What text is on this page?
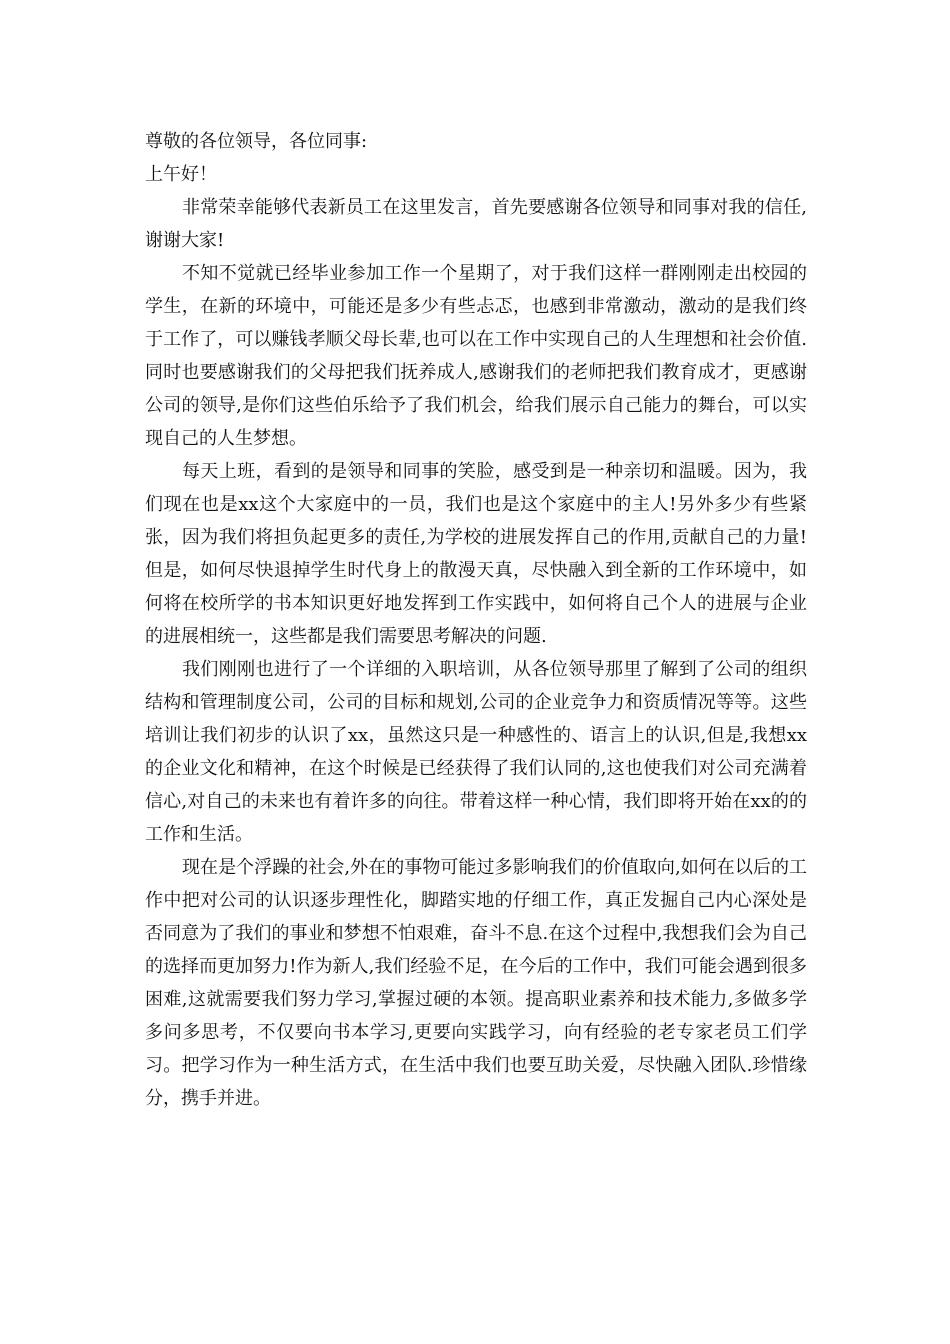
尊敬的各位领导，各位同事:

上午好！

非常荣幸能够代表新员工在这里发言，首先要感谢各位领导和同事对我的信任,谢谢大家!

不知不觉就已经毕业参加工作一个星期了，对于我们这样一群刚刚走出校园的学生，在新的环境中，可能还是多少有些忐忑，也感到非常激动，激动的是我们终于工作了，可以赚钱孝顺父母长辈,也可以在工作中实现自己的人生理想和社会价值.同时也要感谢我们的父母把我们抚养成人,感谢我们的老师把我们教育成才，更感谢公司的领导,是你们这些伯乐给予了我们机会，给我们展示自己能力的舞台，可以实现自己的人生梦想。

每天上班，看到的是领导和同事的笑脸，感受到是一种亲切和温暖。因为，我们现在也是xx这个大家庭中的一员，我们也是这个家庭中的主人!另外多少有些紧张，因为我们将担负起更多的责任,为学校的进展发挥自己的作用,贡献自己的力量!但是，如何尽快退掉学生时代身上的散漫天真，尽快融入到全新的工作环境中，如何将在校所学的书本知识更好地发挥到工作实践中，如何将自己个人的进展与企业的进展相统一，这些都是我们需要思考解决的问题.

我们刚刚也进行了一个详细的入职培训，从各位领导那里了解到了公司的组织结构和管理制度公司，公司的目标和规划,公司的企业竞争力和资质情况等等。这些培训让我们初步的认识了xx，虽然这只是一种感性的、语言上的认识,但是,我想xx的企业文化和精神，在这个时候是已经获得了我们认同的,这也使我们对公司充满着信心,对自己的未来也有着许多的向往。带着这样一种心情，我们即将开始在xx的的工作和生活。

现在是个浮躁的社会,外在的事物可能过多影响我们的价值取向,如何在以后的工作中把对公司的认识逐步理性化，脚踏实地的仔细工作，真正发掘自己内心深处是否同意为了我们的事业和梦想不怕艰难，奋斗不息.在这个过程中,我想我们会为自己的选择而更加努力!作为新人,我们经验不足，在今后的工作中，我们可能会遇到很多困难,这就需要我们努力学习,掌握过硬的本领。提高职业素养和技术能力,多做多学多问多思考，不仅要向书本学习,更要向实践学习，向有经验的老专家老员工们学习。把学习作为一种生活方式，在生活中我们也要互助关爱，尽快融入团队.珍惜缘分，携手并进。
